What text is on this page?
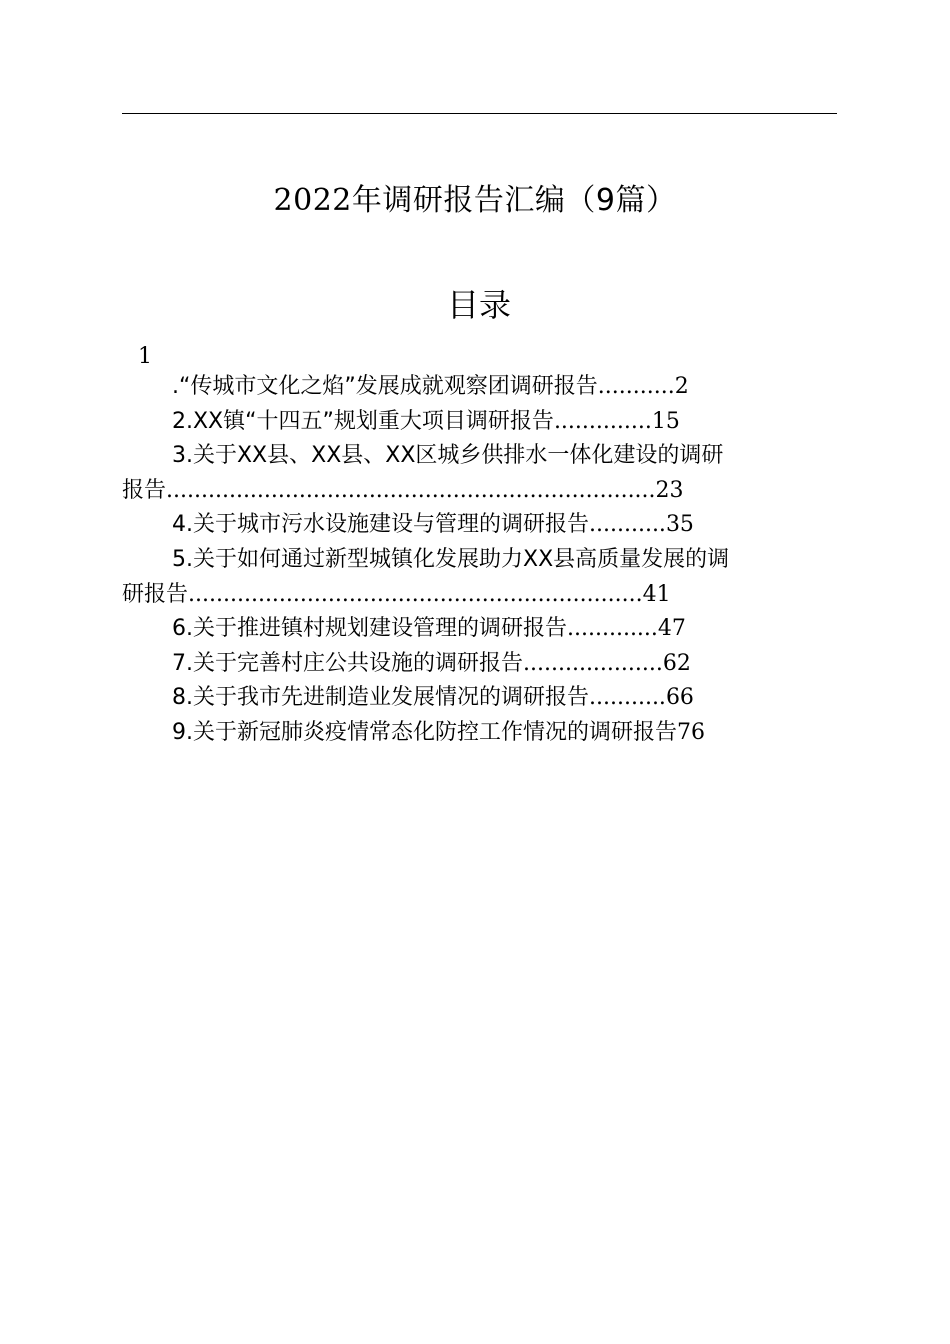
2022年调研报告汇编（9篇）
目录
1
.“传城市文化之焰”发展成就观察团调研报告...........2
2.XX镇“十四五”规划重大项目调研报告..............15
3.关于XX县、XX县、XX区城乡供排水一体化建设的调研
报告......................................................................23
4.关于城市污水设施建设与管理的调研报告...........35
5.关于如何通过新型城镇化发展助力XX县高质量发展的调
研报告.................................................................41
6.关于推进镇村规划建设管理的调研报告.............47
7.关于完善村庄公共设施的调研报告....................62
8.关于我市先进制造业发展情况的调研报告...........66
9.关于新冠肺炎疫情常态化防控工作情况的调研报告76
